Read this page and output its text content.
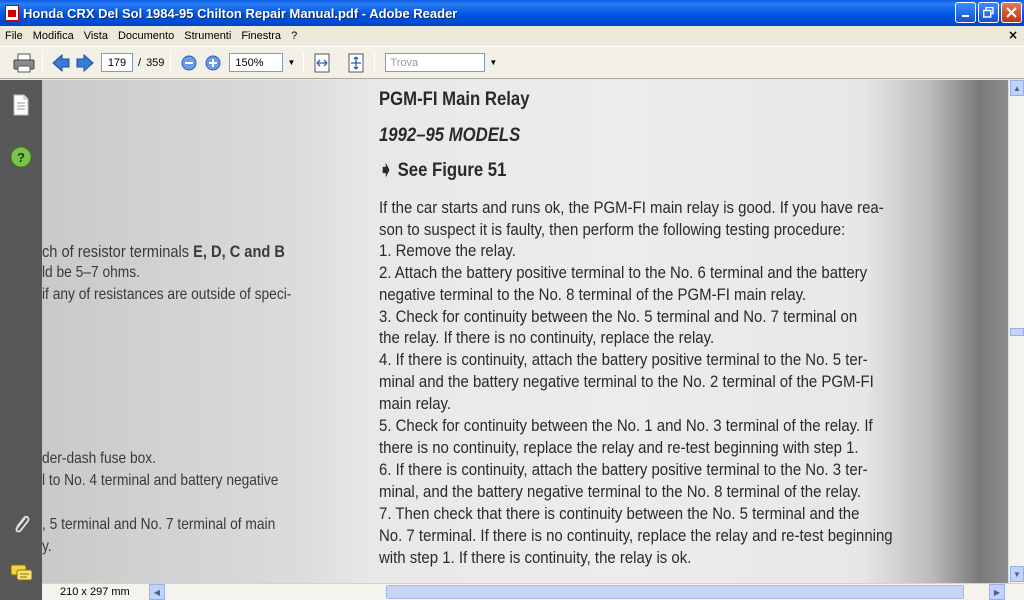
Honda CRX Del Sol 1984-95 Chilton Repair Manual.pdf - Adobe Reader
File Modifica Vista Documento Strumenti Finestra ?	×
179	/ 359	150%	▼	Trova	▼
?
ch of resistor terminals E, D, C and B
ld be 5–7 ohms.
if any of resistances are outside of speci-
der-dash fuse box.
l to No. 4 terminal and battery negative
, 5 terminal and No. 7 terminal of main
y.
PGM-FI Main Relay
1992–95 MODELS
➧ See Figure 51
If the car starts and runs ok, the PGM-FI main relay is good. If you have rea-
son to suspect it is faulty, then perform the following testing procedure:
1. Remove the relay.
2. Attach the battery positive terminal to the No. 6 terminal and the battery
negative terminal to the No. 8 terminal of the PGM-FI main relay.
3. Check for continuity between the No. 5 terminal and No. 7 terminal on
the relay. If there is no continuity, replace the relay.
4. If there is continuity, attach the battery positive terminal to the No. 5 ter-
minal and the battery negative terminal to the No. 2 terminal of the PGM-FI
main relay.
5. Check for continuity between the No. 1 and No. 3 terminal of the relay. If
there is no continuity, replace the relay and re-test beginning with step 1.
6. If there is continuity, attach the battery positive terminal to the No. 3 ter-
minal, and the battery negative terminal to the No. 8 terminal of the relay.
7. Then check that there is continuity between the No. 5 terminal and the
No. 7 terminal. If there is no continuity, replace the relay and re-test beginning
with step 1. If there is continuity, the relay is ok.
▲
▼
210 x 297 mm	◀	▶
